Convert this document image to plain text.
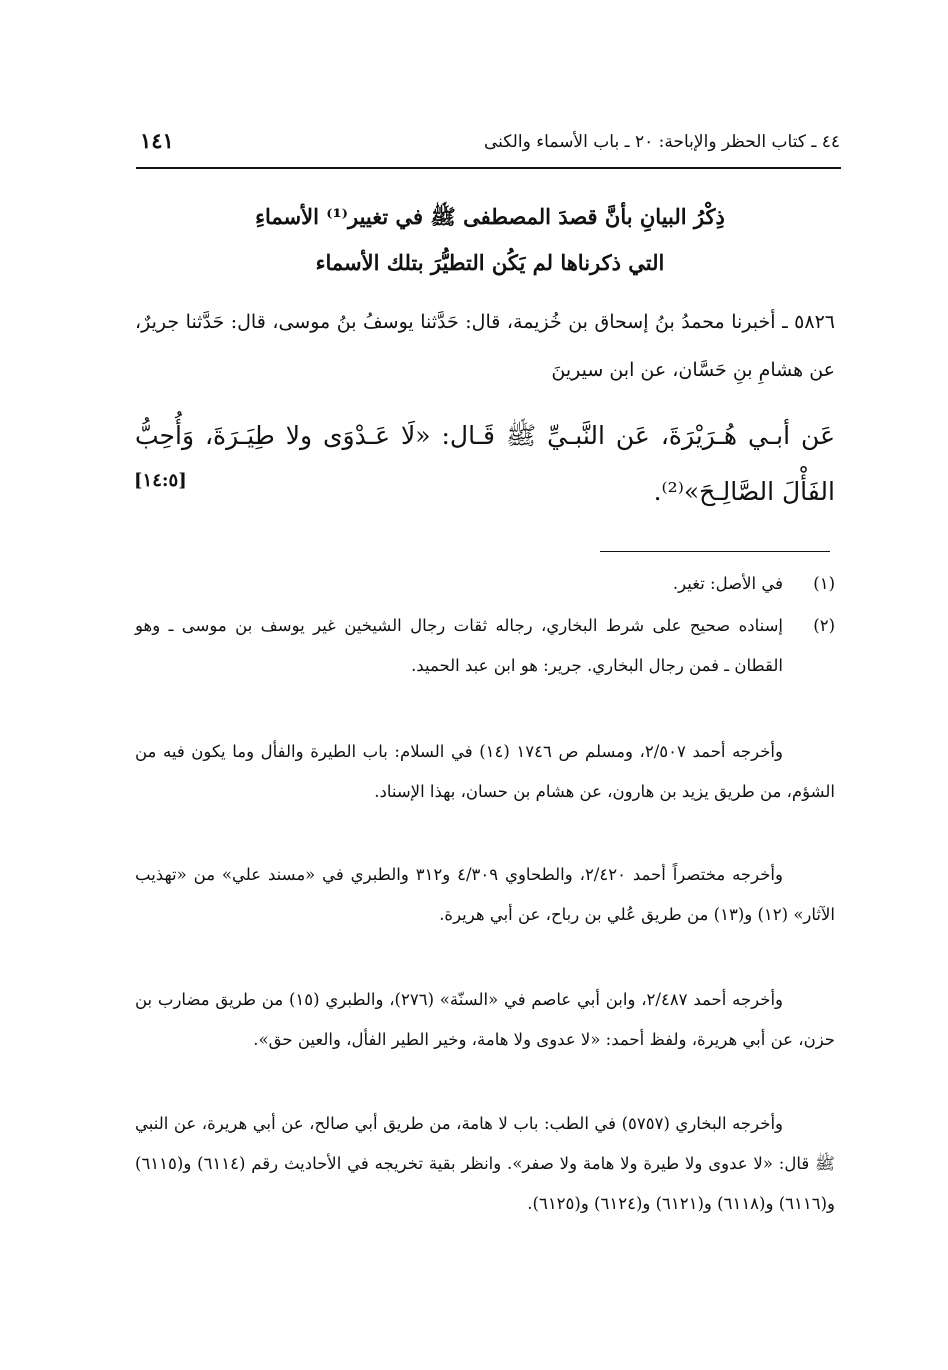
٤٤ ـ كتاب الحظر والإباحة: ٢٠ ـ باب الأسماء والكنى
١٤١
ذِكْرُ البيانِ بأنَّ قصدَ المصطفى ﷺ في تغيير⁽¹⁾ الأسماءِ
التي ذكرناها لم يَكُن التطيُّرَ بتلك الأسماء

٥٨٢٦ ـ أخبرنا محمدُ بنُ إسحاق بن خُزيمة، قال: حَدَّثنا يوسفُ بنُ موسى، قال: حَدَّثنا جريرٌ، عن هشامِ بنِ حَسَّان، عن ابن سيرينَ

عَن أبـي هُـرَيْرَةَ، عَن النَّبـيِّ ﷺ قَـال: «لَا عَـدْوَى ولا طِيَـرَةَ، وَأُحِبُّ الفَأْلَ الصَّالِـحَ»⁽²⁾.
[١٤:٥]
(١)
في الأصل: تغير.
(٢)
إسناده صحيح على شرط البخاري، رجاله ثقات رجال الشيخين غير يوسف بن موسى ـ وهو القطان ـ فمن رجال البخاري. جرير: هو ابن عبد الحميد.
وأخرجه أحمد ٢/٥٠٧، ومسلم ص ١٧٤٦ (١٤) في السلام: باب الطيرة والفأل وما يكون فيه من الشؤم، من طريق يزيد بن هارون، عن هشام بن حسان، بهذا الإسناد.
وأخرجه مختصراً أحمد ٢/٤٢٠، والطحاوي ٤/٣٠٩ و٣١٢ والطبري في «مسند علي» من «تهذيب الآثار» (١٢) و(١٣) من طريق عُلي بن رباح، عن أبي هريرة.
وأخرجه أحمد ٢/٤٨٧، وابن أبي عاصم في «السنّة» (٢٧٦)، والطبري (١٥) من طريق مضارب بن حزن، عن أبي هريرة، ولفظ أحمد: «لا عدوى ولا هامة، وخير الطير الفأل، والعين حق».
وأخرجه البخاري (٥٧٥٧) في الطب: باب لا هامة، من طريق أبي صالح، عن أبي هريرة، عن النبي ﷺ قال: «لا عدوى ولا طيرة ولا هامة ولا صفر». وانظر بقية تخريجه في الأحاديث رقم (٦١١٤) و(٦١١٥) و(٦١١٦) و(٦١١٨) و(٦١٢١) و(٦١٢٤) و(٦١٢٥).
